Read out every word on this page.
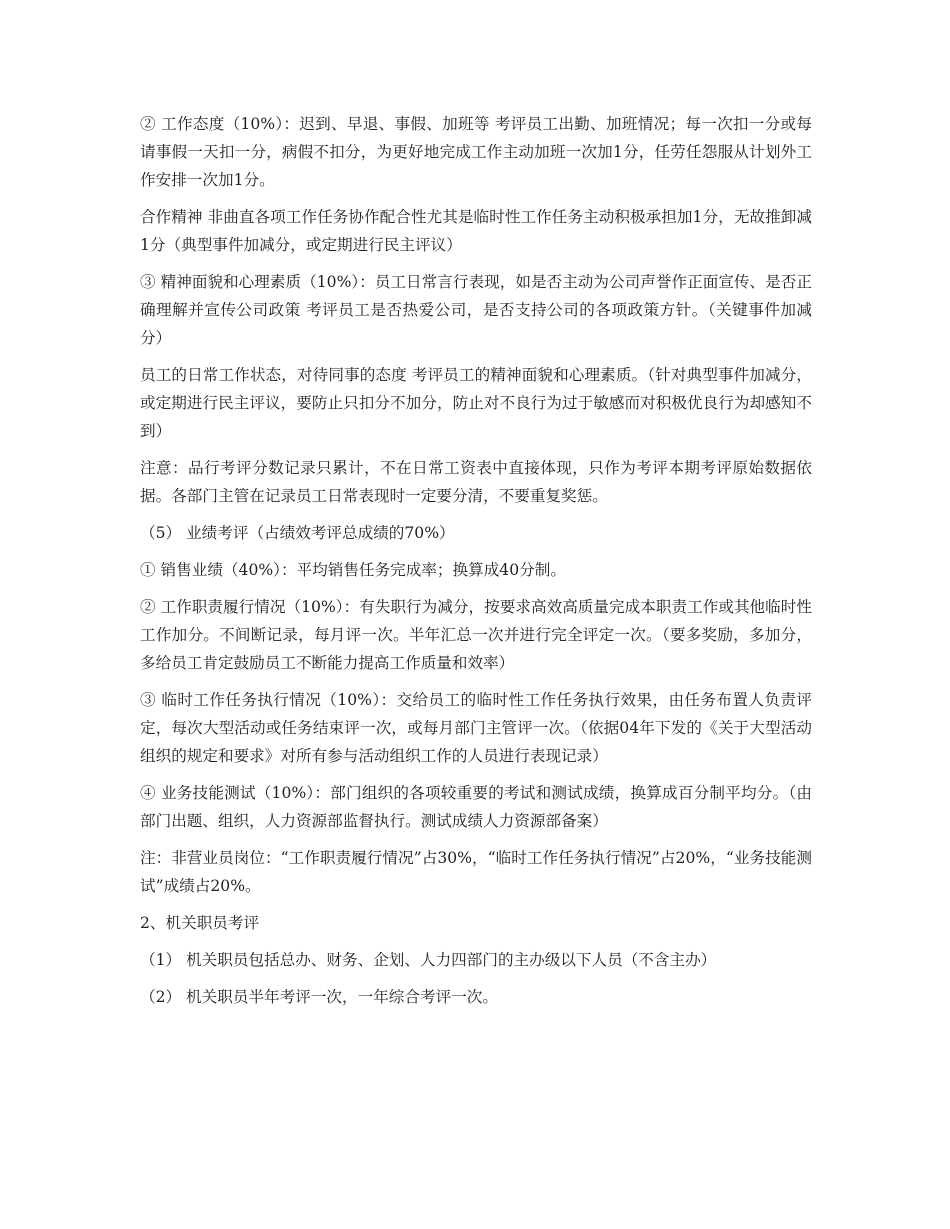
② 工作态度（10%）：迟到、早退、事假、加班等 考评员工出勤、加班情况；每一次扣一分或每请事假一天扣一分，病假不扣分，为更好地完成工作主动加班一次加1分，任劳任怨服从计划外工作安排一次加1分。

合作精神 非曲直各项工作任务协作配合性尤其是临时性工作任务主动积极承担加1分，无故推卸减1分（典型事件加减分，或定期进行民主评议）

③ 精神面貌和心理素质（10%）：员工日常言行表现，如是否主动为公司声誉作正面宣传、是否正确理解并宣传公司政策 考评员工是否热爱公司，是否支持公司的各项政策方针。（关键事件加减分）

员工的日常工作状态，对待同事的态度 考评员工的精神面貌和心理素质。（针对典型事件加减分，或定期进行民主评议，要防止只扣分不加分，防止对不良行为过于敏感而对积极优良行为却感知不到）

注意：品行考评分数记录只累计，不在日常工资表中直接体现，只作为考评本期考评原始数据依据。各部门主管在记录员工日常表现时一定要分清，不要重复奖惩。

（5） 业绩考评（占绩效考评总成绩的70%）

① 销售业绩（40%）：平均销售任务完成率；换算成40分制。

② 工作职责履行情况（10%）：有失职行为减分，按要求高效高质量完成本职责工作或其他临时性工作加分。不间断记录，每月评一次。半年汇总一次并进行完全评定一次。（要多奖励，多加分，多给员工肯定鼓励员工不断能力提高工作质量和效率）

③ 临时工作任务执行情况（10%）：交给员工的临时性工作任务执行效果，由任务布置人负责评定，每次大型活动或任务结束评一次，或每月部门主管评一次。（依据04年下发的《关于大型活动组织的规定和要求》对所有参与活动组织工作的人员进行表现记录）

④ 业务技能测试（10%）：部门组织的各项较重要的考试和测试成绩，换算成百分制平均分。（由部门出题、组织，人力资源部监督执行。测试成绩人力资源部备案）

注：非营业员岗位：“工作职责履行情况”占30%，“临时工作任务执行情况”占20%，“业务技能测试”成绩占20%。

2、机关职员考评

（1） 机关职员包括总办、财务、企划、人力四部门的主办级以下人员（不含主办）

（2） 机关职员半年考评一次，一年综合考评一次。
